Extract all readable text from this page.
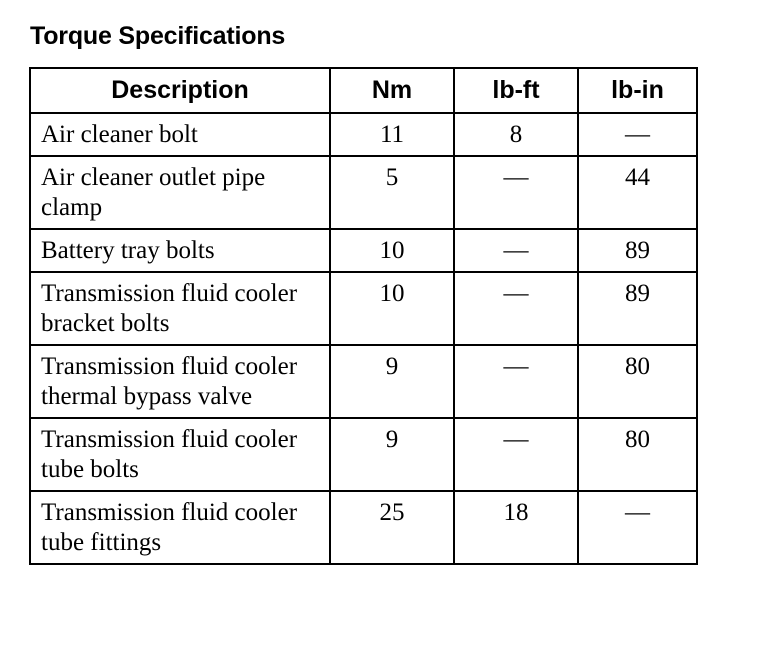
Torque Specifications
Description	Nm	lb-ft	lb-in
Air cleaner bolt	11	8	—
Air cleaner outlet pipe clamp	5	—	44
Battery tray bolts	10	—	89
Transmission fluid cooler bracket bolts	10	—	89
Transmission fluid cooler thermal bypass valve	9	—	80
Transmission fluid cooler tube bolts	9	—	80
Transmission fluid cooler tube fittings	25	18	—
